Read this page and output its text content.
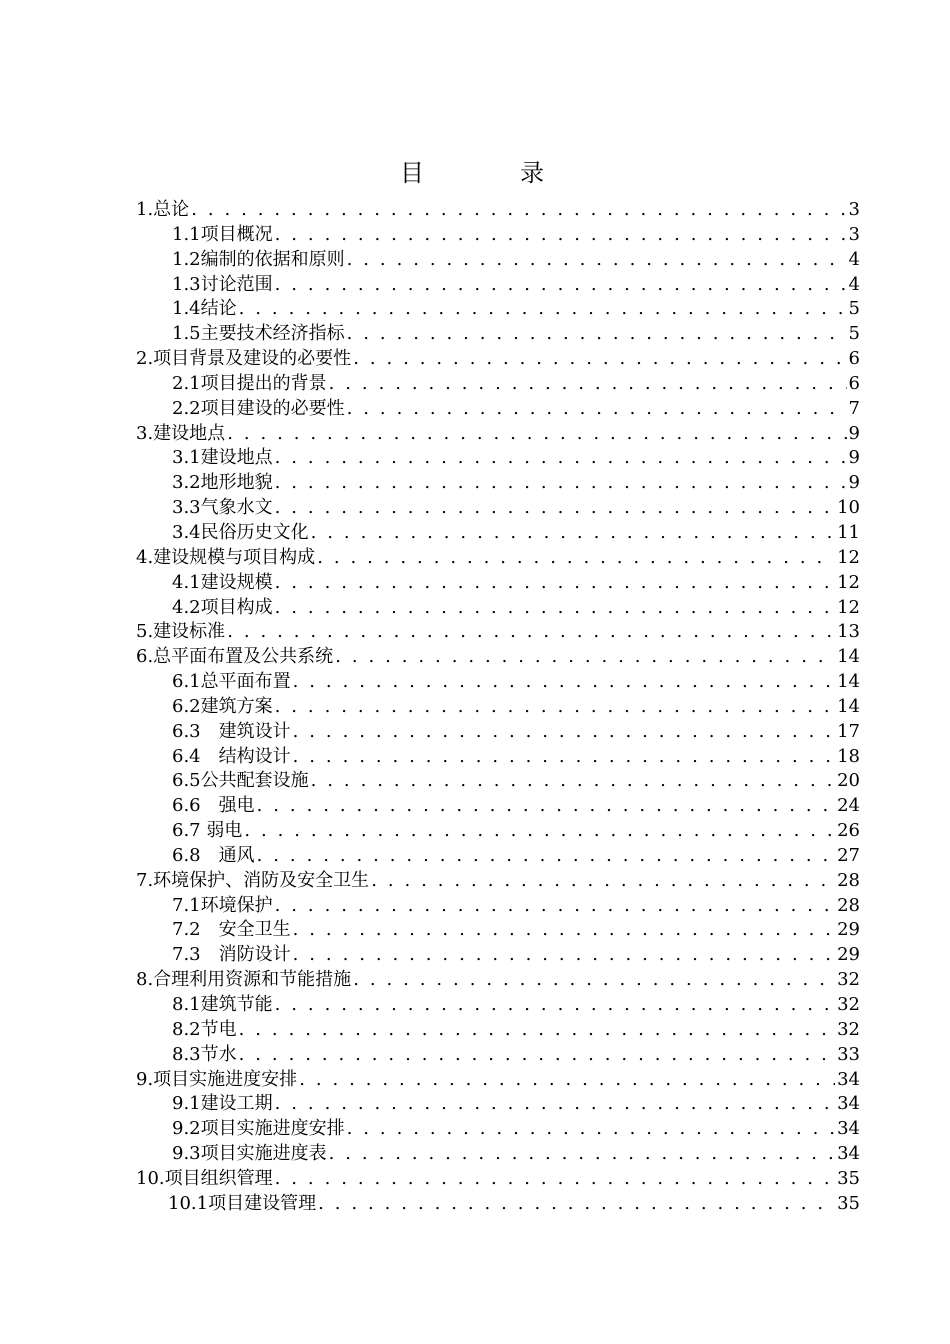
目　录
1.总论 . . .	3
1.1项目概况 . . .	3
1.2编制的依据和原则 . . .	4
1.3讨论范围 . . .	4
1.4结论 . . .	5
1.5主要技术经济指标 . . .	5
2.项目背景及建设的必要性 . . .	6
2.1项目提出的背景 . . .	6
2.2项目建设的必要性 . . .	7
3.建设地点 . . .	9
3.1建设地点 . . .	9
3.2地形地貌 . . .	9
3.3气象水文 . . .	10
3.4民俗历史文化 . . .	11
4.建设规模与项目构成 . . .	12
4.1建设规模 . . .	12
4.2项目构成 . . .	12
5.建设标准 . . .	13
6.总平面布置及公共系统 . . .	14
6.1总平面布置 . . .	14
6.2建筑方案 . . .	14
6.3　建筑设计 . . .	17
6.4　结构设计 . . .	18
6.5公共配套设施 . . .	20
6.6　强电 . . .	24
6.7 弱电 . . .	26
6.8　通风 . . .	27
7.环境保护、消防及安全卫生 . . .	28
7.1环境保护 . . .	28
7.2　安全卫生 . . .	29
7.3　消防设计 . . .	29
8.合理利用资源和节能措施 . . .	32
8.1建筑节能 . . .	32
8.2节电 . . .	32
8.3节水 . . .	33
9.项目实施进度安排 . . .	34
9.1建设工期 . . .	34
9.2项目实施进度安排 . . .	34
9.3项目实施进度表 . . .	34
10.项目组织管理 . . .	35
10.1项目建设管理 . . .	35
